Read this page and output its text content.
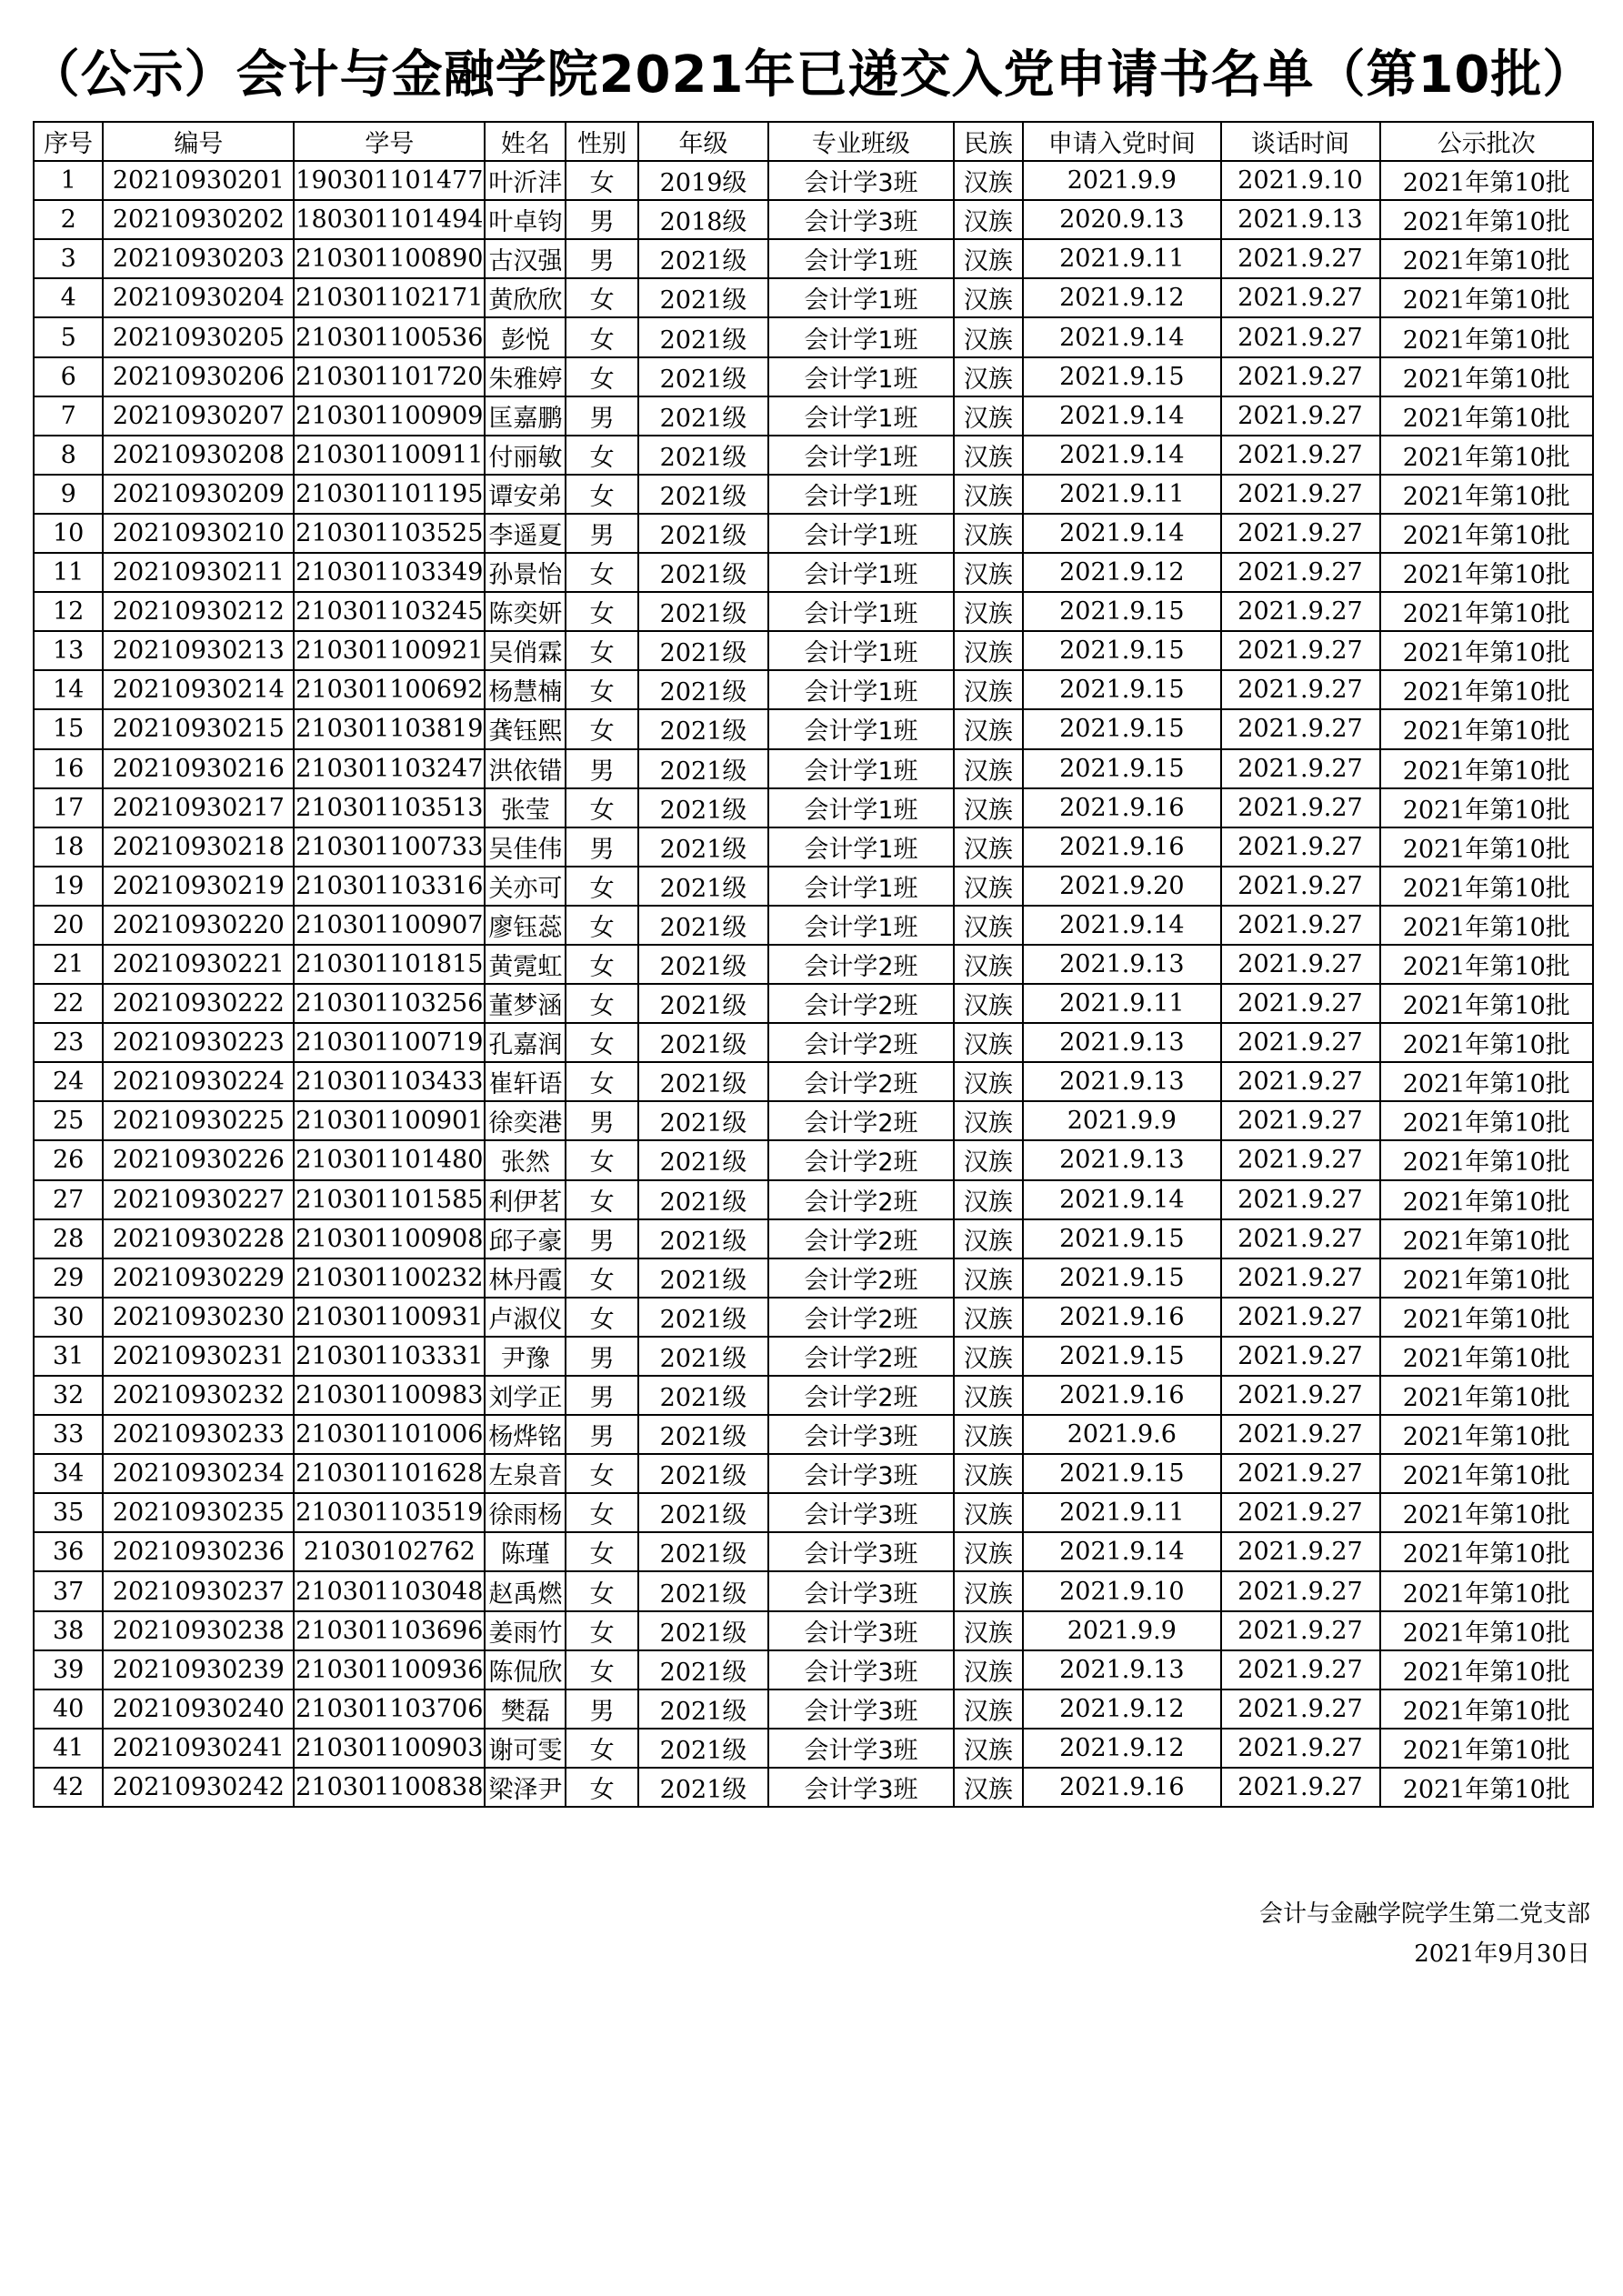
（公示）会计与金融学院2021年已递交入党申请书名单（第10批）
序号	编号	学号	姓名	性别	年级	专业班级	民族	申请入党时间	谈话时间	公示批次
1	20210930201	190301101477	叶沂沣	女	2019级	会计学3班	汉族	2021.9.9	2021.9.10	2021年第10批
2	20210930202	180301101494	叶卓钧	男	2018级	会计学3班	汉族	2020.9.13	2021.9.13	2021年第10批
3	20210930203	210301100890	古汉强	男	2021级	会计学1班	汉族	2021.9.11	2021.9.27	2021年第10批
4	20210930204	210301102171	黄欣欣	女	2021级	会计学1班	汉族	2021.9.12	2021.9.27	2021年第10批
5	20210930205	210301100536	彭悦	女	2021级	会计学1班	汉族	2021.9.14	2021.9.27	2021年第10批
6	20210930206	210301101720	朱雅婷	女	2021级	会计学1班	汉族	2021.9.15	2021.9.27	2021年第10批
7	20210930207	210301100909	匡嘉鹏	男	2021级	会计学1班	汉族	2021.9.14	2021.9.27	2021年第10批
8	20210930208	210301100911	付丽敏	女	2021级	会计学1班	汉族	2021.9.14	2021.9.27	2021年第10批
9	20210930209	210301101195	谭安弟	女	2021级	会计学1班	汉族	2021.9.11	2021.9.27	2021年第10批
10	20210930210	210301103525	李遥夏	男	2021级	会计学1班	汉族	2021.9.14	2021.9.27	2021年第10批
11	20210930211	210301103349	孙景怡	女	2021级	会计学1班	汉族	2021.9.12	2021.9.27	2021年第10批
12	20210930212	210301103245	陈奕妍	女	2021级	会计学1班	汉族	2021.9.15	2021.9.27	2021年第10批
13	20210930213	210301100921	吴俏霖	女	2021级	会计学1班	汉族	2021.9.15	2021.9.27	2021年第10批
14	20210930214	210301100692	杨慧楠	女	2021级	会计学1班	汉族	2021.9.15	2021.9.27	2021年第10批
15	20210930215	210301103819	龚钰熙	女	2021级	会计学1班	汉族	2021.9.15	2021.9.27	2021年第10批
16	20210930216	210301103247	洪依错	男	2021级	会计学1班	汉族	2021.9.15	2021.9.27	2021年第10批
17	20210930217	210301103513	张莹	女	2021级	会计学1班	汉族	2021.9.16	2021.9.27	2021年第10批
18	20210930218	210301100733	吴佳伟	男	2021级	会计学1班	汉族	2021.9.16	2021.9.27	2021年第10批
19	20210930219	210301103316	关亦可	女	2021级	会计学1班	汉族	2021.9.20	2021.9.27	2021年第10批
20	20210930220	210301100907	廖钰蕊	女	2021级	会计学1班	汉族	2021.9.14	2021.9.27	2021年第10批
21	20210930221	210301101815	黄霓虹	女	2021级	会计学2班	汉族	2021.9.13	2021.9.27	2021年第10批
22	20210930222	210301103256	董梦涵	女	2021级	会计学2班	汉族	2021.9.11	2021.9.27	2021年第10批
23	20210930223	210301100719	孔嘉润	女	2021级	会计学2班	汉族	2021.9.13	2021.9.27	2021年第10批
24	20210930224	210301103433	崔轩语	女	2021级	会计学2班	汉族	2021.9.13	2021.9.27	2021年第10批
25	20210930225	210301100901	徐奕港	男	2021级	会计学2班	汉族	2021.9.9	2021.9.27	2021年第10批
26	20210930226	210301101480	张然	女	2021级	会计学2班	汉族	2021.9.13	2021.9.27	2021年第10批
27	20210930227	210301101585	利伊茗	女	2021级	会计学2班	汉族	2021.9.14	2021.9.27	2021年第10批
28	20210930228	210301100908	邱子豪	男	2021级	会计学2班	汉族	2021.9.15	2021.9.27	2021年第10批
29	20210930229	210301100232	林丹霞	女	2021级	会计学2班	汉族	2021.9.15	2021.9.27	2021年第10批
30	20210930230	210301100931	卢淑仪	女	2021级	会计学2班	汉族	2021.9.16	2021.9.27	2021年第10批
31	20210930231	210301103331	尹豫	男	2021级	会计学2班	汉族	2021.9.15	2021.9.27	2021年第10批
32	20210930232	210301100983	刘学正	男	2021级	会计学2班	汉族	2021.9.16	2021.9.27	2021年第10批
33	20210930233	210301101006	杨烨铭	男	2021级	会计学3班	汉族	2021.9.6	2021.9.27	2021年第10批
34	20210930234	210301101628	左泉音	女	2021级	会计学3班	汉族	2021.9.15	2021.9.27	2021年第10批
35	20210930235	210301103519	徐雨杨	女	2021级	会计学3班	汉族	2021.9.11	2021.9.27	2021年第10批
36	20210930236	21030102762	陈瑾	女	2021级	会计学3班	汉族	2021.9.14	2021.9.27	2021年第10批
37	20210930237	210301103048	赵禹燃	女	2021级	会计学3班	汉族	2021.9.10	2021.9.27	2021年第10批
38	20210930238	210301103696	姜雨竹	女	2021级	会计学3班	汉族	2021.9.9	2021.9.27	2021年第10批
39	20210930239	210301100936	陈侃欣	女	2021级	会计学3班	汉族	2021.9.13	2021.9.27	2021年第10批
40	20210930240	210301103706	樊磊	男	2021级	会计学3班	汉族	2021.9.12	2021.9.27	2021年第10批
41	20210930241	210301100903	谢可雯	女	2021级	会计学3班	汉族	2021.9.12	2021.9.27	2021年第10批
42	20210930242	210301100838	梁泽尹	女	2021级	会计学3班	汉族	2021.9.16	2021.9.27	2021年第10批
会计与金融学院学生第二党支部
2021年9月30日
